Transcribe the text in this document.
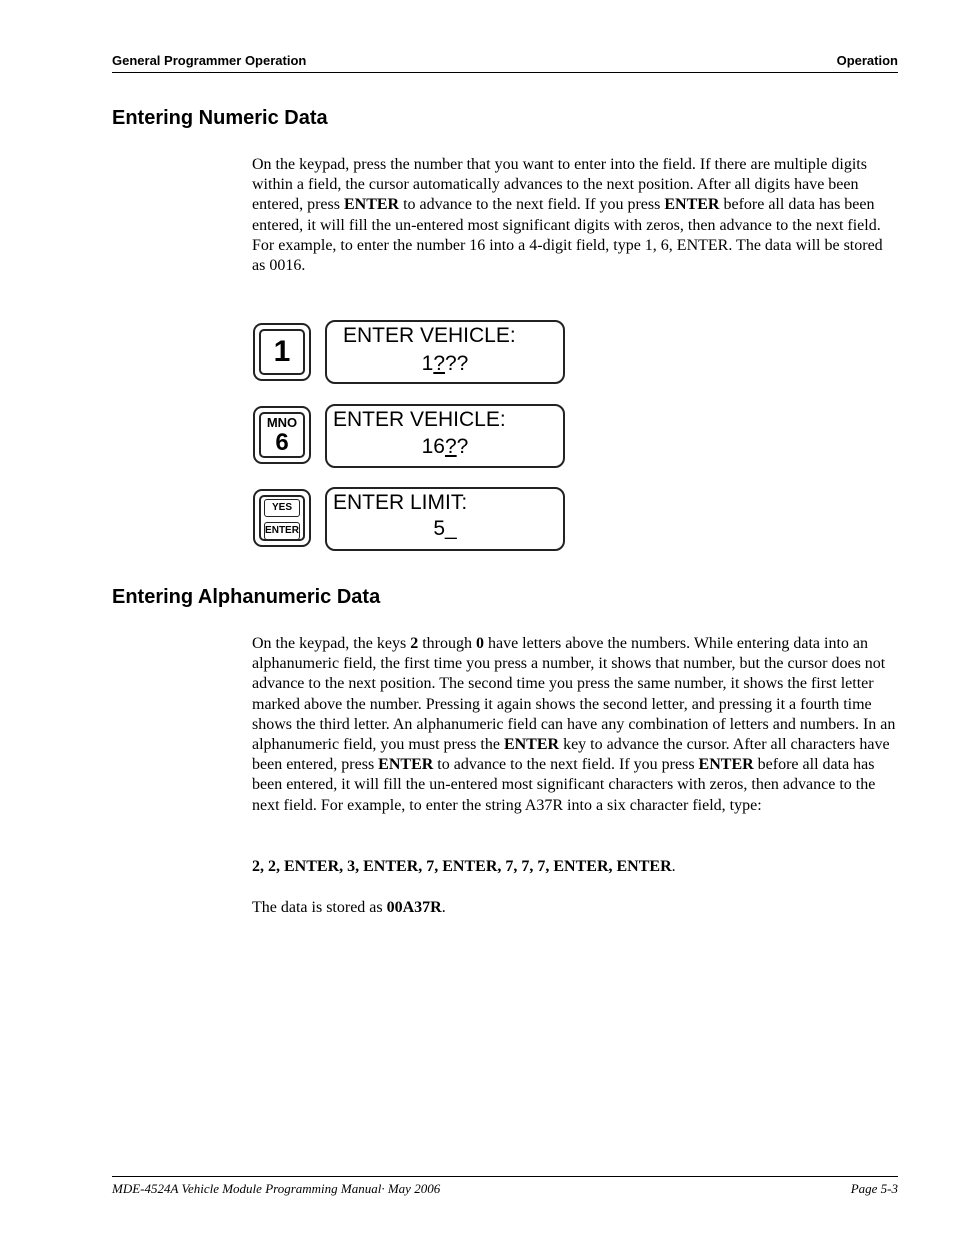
General Programmer Operation	Operation
Entering Numeric Data

On the keypad, press the number that you want to enter into the field. If there are multiple digits within a field, the cursor automatically advances to the next position. After all digits have been entered, press ENTER to advance to the next field. If you press ENTER before all data has been entered, it will fill the un-entered most significant digits with zeros, then advance to the next field. For example, to enter the number 16 into a 4-digit field, type 1, 6, ENTER. The data will be stored as 0016.

1	ENTER VEHICLE:
1???
MNO
6
ENTER VEHICLE:
16??
YES
ENTER
ENTER LIMIT:
5_
Entering Alphanumeric Data

On the keypad, the keys 2 through 0 have letters above the numbers. While entering data into an alphanumeric field, the first time you press a number, it shows that number, but the cursor does not advance to the next position. The second time you press the same number, it shows the first letter marked above the number. Pressing it again shows the second letter, and pressing it a fourth time shows the third letter. An alphanumeric field can have any combination of letters and numbers. In an alphanumeric field, you must press the ENTER key to advance the cursor. After all characters have been entered, press ENTER to advance to the next field. If you press ENTER before all data has been entered, it will fill the un-entered most significant characters with zeros, then advance to the next field. For example, to enter the string A37R into a six character field, type:

2, 2, ENTER, 3, ENTER, 7, ENTER, 7, 7, 7, ENTER, ENTER.

The data is stored as 00A37R.

MDE-4524A Vehicle Module Programming Manual· May 2006	Page 5-3
